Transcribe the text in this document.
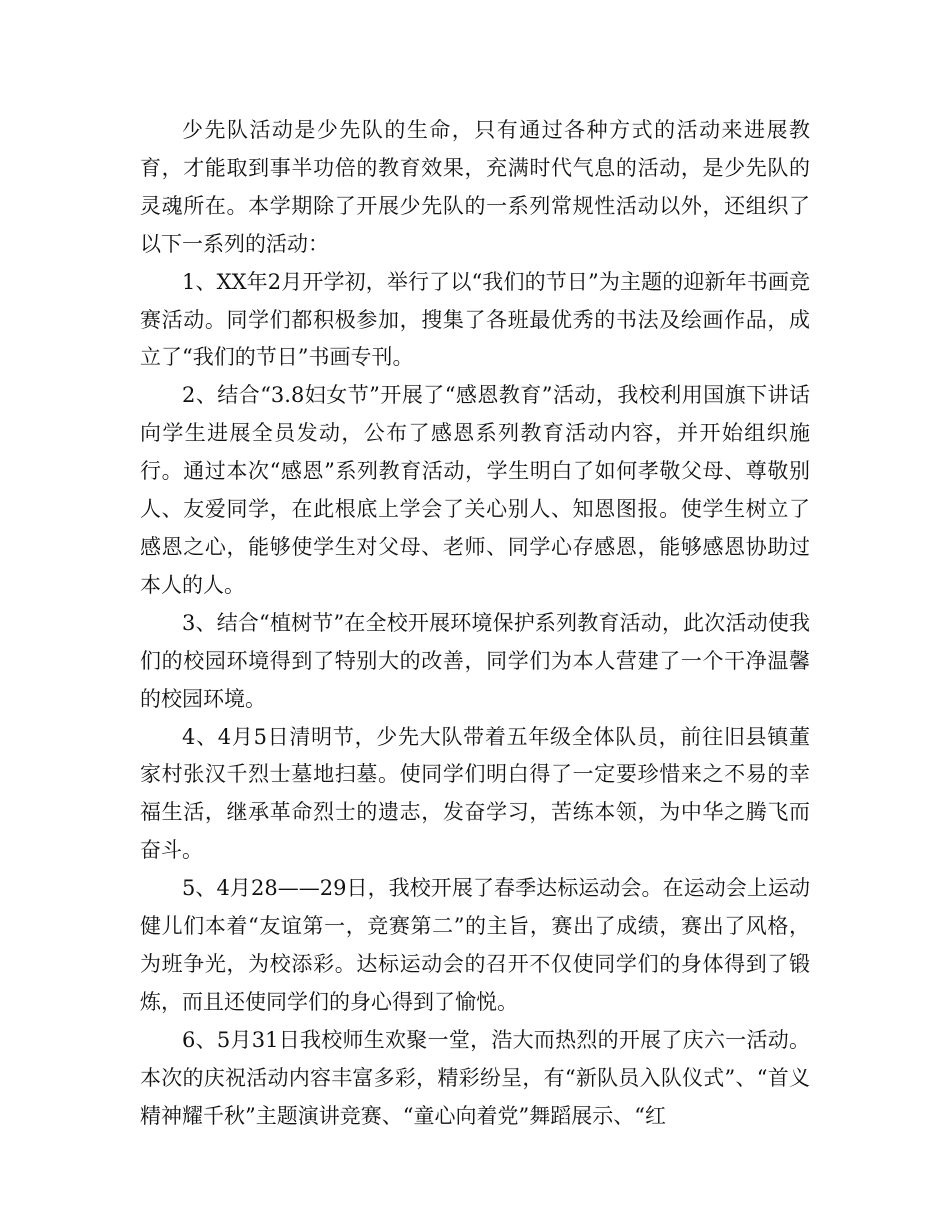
少先队活动是少先队的生命，只有通过各种方式的活动来进展教育，才能取到事半功倍的教育效果，充满时代气息的活动，是少先队的灵魂所在。本学期除了开展少先队的一系列常规性活动以外，还组织了以下一系列的活动：

1、XX年2月开学初，举行了以“我们的节日”为主题的迎新年书画竞赛活动。同学们都积极参加，搜集了各班最优秀的书法及绘画作品，成立了“我们的节日”书画专刊。

2、结合“3.8妇女节”开展了“感恩教育”活动，我校利用国旗下讲话向学生进展全员发动，公布了感恩系列教育活动内容，并开始组织施行。通过本次“感恩”系列教育活动，学生明白了如何孝敬父母、尊敬别人、友爱同学，在此根底上学会了关心别人、知恩图报。使学生树立了感恩之心，能够使学生对父母、老师、同学心存感恩，能够感恩协助过本人的人。

3、结合“植树节”在全校开展环境保护系列教育活动，此次活动使我们的校园环境得到了特别大的改善，同学们为本人营建了一个干净温馨的校园环境。

4、4月5日清明节，少先大队带着五年级全体队员，前往旧县镇董家村张汉千烈士墓地扫墓。使同学们明白得了一定要珍惜来之不易的幸福生活，继承革命烈士的遗志，发奋学习，苦练本领，为中华之腾飞而奋斗。

5、4月28——29日，我校开展了春季达标运动会。在运动会上运动健儿们本着“友谊第一，竞赛第二”的主旨，赛出了成绩，赛出了风格，为班争光，为校添彩。达标运动会的召开不仅使同学们的身体得到了锻炼，而且还使同学们的身心得到了愉悦。

6、5月31日我校师生欢聚一堂，浩大而热烈的开展了庆六一活动。本次的庆祝活动内容丰富多彩，精彩纷呈，有“新队员入队仪式”、“首义精神耀千秋”主题演讲竞赛、“童心向着党”舞蹈展示、“红
